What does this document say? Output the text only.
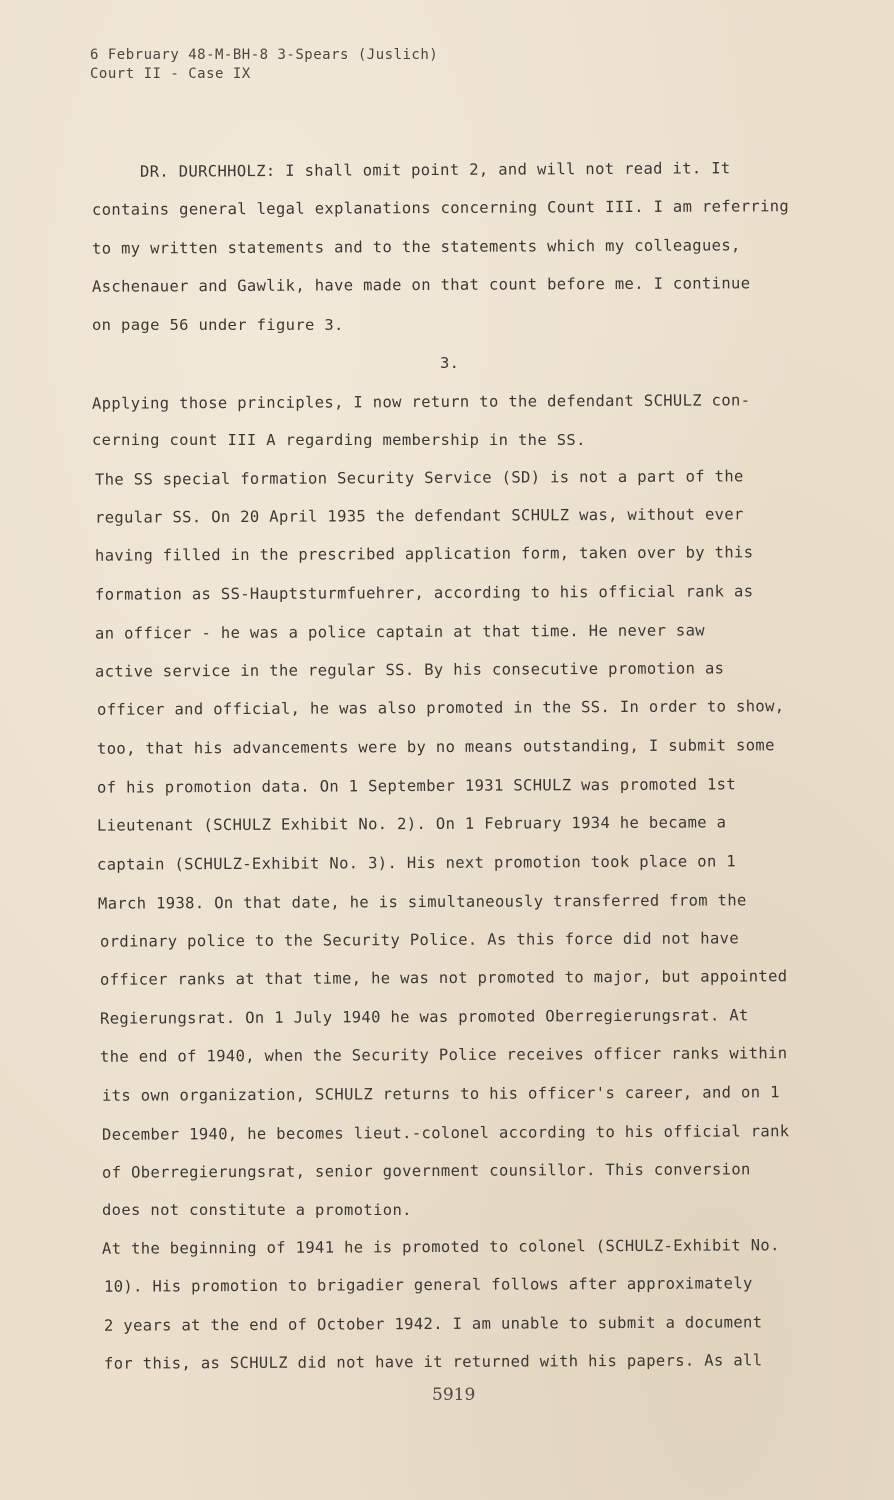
6 February 48-M-BH-8 3-Spears (Juslich)
Court II - Case IX
DR. DURCHHOLZ: I shall omit point 2, and will not read it. It
contains general legal explanations concerning Count III. I am referring
to my written statements and to the statements which my colleagues,
Aschenauer and Gawlik, have made on that count before me. I continue
on page 56 under figure 3.
3.
Applying those principles, I now return to the defendant SCHULZ con-
cerning count III A regarding membership in the SS.
The SS special formation Security Service (SD) is not a part of the
regular SS. On 20 April 1935 the defendant SCHULZ was, without ever
having filled in the prescribed application form, taken over by this
formation as SS-Hauptsturmfuehrer, according to his official rank as
an officer - he was a police captain at that time. He never saw
active service in the regular SS. By his consecutive promotion as
officer and official, he was also promoted in the SS. In order to show,
too, that his advancements were by no means outstanding, I submit some
of his promotion data. On 1 September 1931 SCHULZ was promoted 1st
Lieutenant (SCHULZ Exhibit No. 2). On 1 February 1934 he became a
captain (SCHULZ-Exhibit No. 3). His next promotion took place on 1
March 1938. On that date, he is simultaneously transferred from the
ordinary police to the Security Police. As this force did not have
officer ranks at that time, he was not promoted to major, but appointed
Regierungsrat. On 1 July 1940 he was promoted Oberregierungsrat. At
the end of 1940, when the Security Police receives officer ranks within
its own organization, SCHULZ returns to his officer's career, and on 1
December 1940, he becomes lieut.-colonel according to his official rank
of Oberregierungsrat, senior government counsillor. This conversion
does not constitute a promotion.
At the beginning of 1941 he is promoted to colonel (SCHULZ-Exhibit No.
10). His promotion to brigadier general follows after approximately
2 years at the end of October 1942. I am unable to submit a document
for this, as SCHULZ did not have it returned with his papers. As all
5919
